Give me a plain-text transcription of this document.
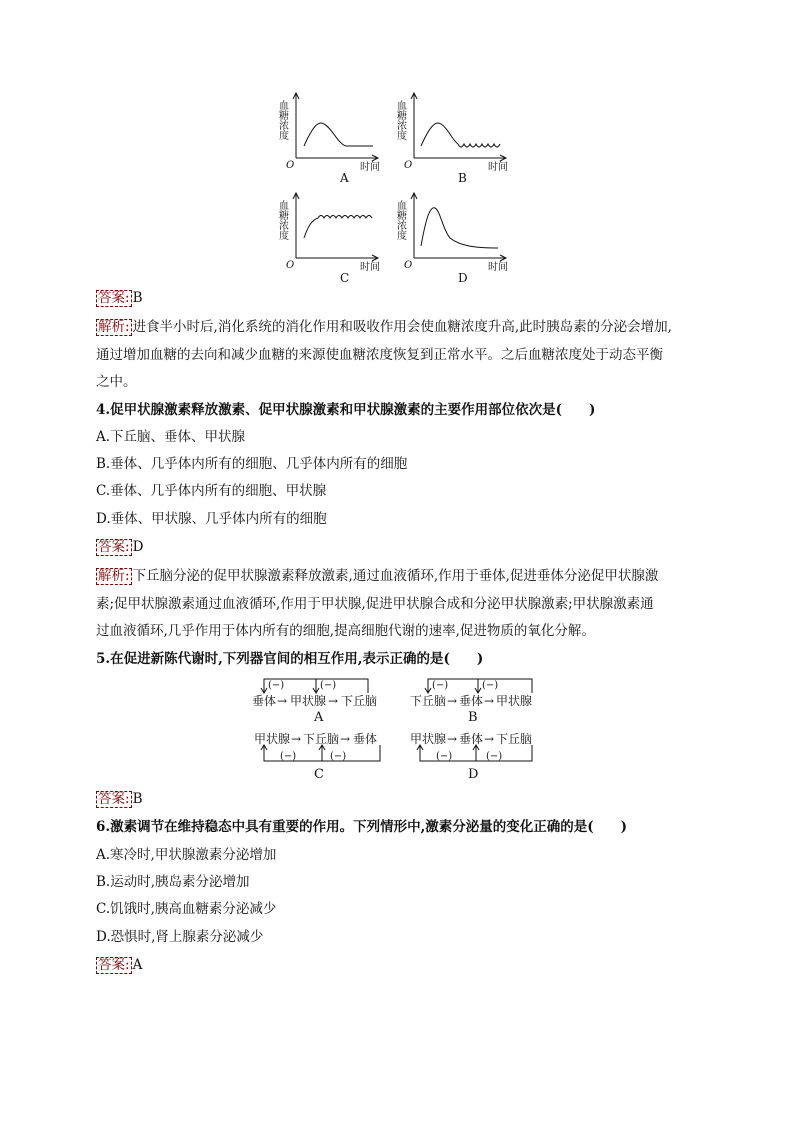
血糖浓度
O	时间
A
血糖浓度
O	时间
B
血糖浓度
O	时间
C
血糖浓度
O	时间
D
答案: B
解析: 进食半小时后,消化系统的消化作用和吸收作用会使血糖浓度升高,此时胰岛素的分泌会增加,
通过增加血糖的去向和减少血糖的来源使血糖浓度恢复到正常水平。之后血糖浓度处于动态平衡
之中。
4.促甲状腺激素释放激素、促甲状腺激素和甲状腺激素的主要作用部位依次是(　　)
A.下丘脑、垂体、甲状腺
B.垂体、几乎体内所有的细胞、几乎体内所有的细胞
C.垂体、几乎体内所有的细胞、甲状腺
D.垂体、甲状腺、几乎体内所有的细胞
答案: D
解析: 下丘脑分泌的促甲状腺激素释放激素,通过血液循环,作用于垂体,促进垂体分泌促甲状腺激
素;促甲状腺激素通过血液循环,作用于甲状腺,促进甲状腺合成和分泌甲状腺激素;甲状腺激素通
过血液循环,几乎作用于体内所有的细胞,提高细胞代谢的速率,促进物质的氧化分解。
5.在促进新陈代谢时,下列器官间的相互作用,表示正确的是(　　)
(−)	(−)
垂体 → 甲状腺 → 下丘脑
A
(−)	(−)
下丘脑 → 垂体 → 甲状腺
B
甲状腺 → 下丘脑 → 垂体
(−)	(−)
C
甲状腺 → 垂体 → 下丘脑
(−)	(−)
D
答案: B
6.激素调节在维持稳态中具有重要的作用。下列情形中,激素分泌量的变化正确的是(　　)
A.寒冷时,甲状腺激素分泌增加
B.运动时,胰岛素分泌增加
C.饥饿时,胰高血糖素分泌减少
D.恐惧时,肾上腺素分泌减少
答案: A
